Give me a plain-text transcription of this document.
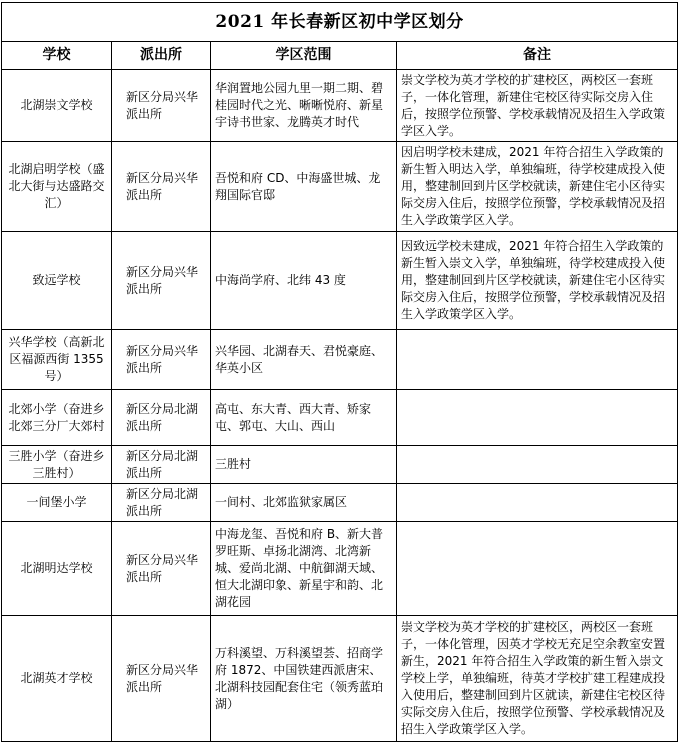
2021 年长春新区初中学区划分			
学校	派出所	学区范围	备注
北湖崇文学校	新区分局兴华派出所	华润置地公园九里一期二期、碧桂园时代之光、晰晰悦府、新星宇诗书世家、龙腾英才时代	崇文学校为英才学校的扩建校区，两校区一套班子，一体化管理，新建住宅校区待实际交房入住后，按照学位预警、学校承载情况及招生入学政策学区入学。
北湖启明学校（盛北大街与达盛路交汇）	新区分局兴华派出所	吾悦和府 CD、中海盛世城、龙翔国际官邸	因启明学校未建成，2021 年符合招生入学政策的新生暂入明达入学，单独编班，待学校建成投入使用，整建制回到片区学校就读，新建住宅小区待实际交房入住后，按照学位预警，学校承载情况及招生入学政策学区入学。
致远学校	新区分局兴华派出所	中海尚学府、北纬 43 度	因致远学校未建成，2021 年符合招生入学政策的新生暂入崇文入学，单独编班，待学校建成投入使用，整建制回到片区学校就读，新建住宅小区待实际交房入住后，按照学位预警，学校承载情况及招生入学政策学区入学。
兴华学校（高新北区福源西街 1355 号）	新区分局兴华派出所	兴华园、北湖春天、君悦豪庭、华英小区	
北郊小学（奋进乡北郊三分厂大郊村	新区分局北湖派出所	高屯、东大青、西大青、矫家屯、郭屯、大山、西山	
三胜小学（奋进乡三胜村）	新区分局北湖派出所	三胜村	
一间堡小学	新区分局北湖派出所	一间村、北郊监狱家属区	
北湖明达学校	新区分局兴华派出所	中海龙玺、吾悦和府 B、新大普罗旺斯、卓扬北湖湾、北湾新城、爱尚北湖、中航御湖天域、恒大北湖印象、新星宇和韵、北湖花园	
北湖英才学校	新区分局兴华派出所	万科溪望、万科溪望荟、招商学府 1872、中国铁建西派唐宋、北湖科技园配套住宅（领秀蓝珀湖）	崇文学校为英才学校的扩建校区，两校区一套班子，一体化管理，因英才学校无充足空余教室安置新生，2021 年符合招生入学政策的新生暂入崇文学校上学，单独编班，待英才学校扩建工程建成投入使用后，整建制回到片区就读，新建住宅校区待实际交房入住后，按照学位预警、学校承载情况及招生入学政策学区入学。
